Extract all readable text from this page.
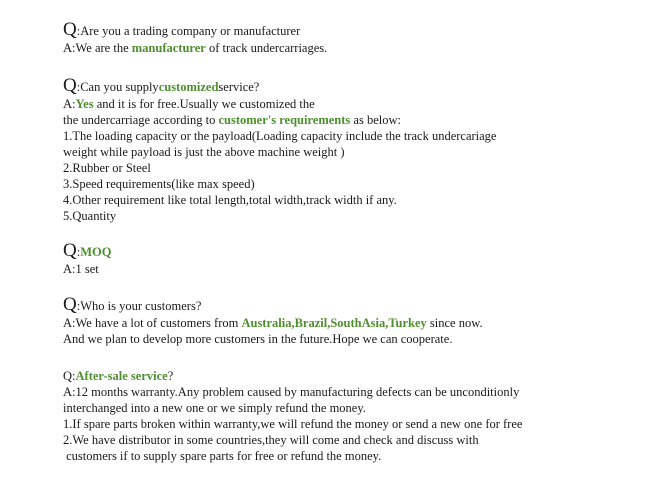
Q :Are you a trading company or manufacturer
A:We are the manufacturer of track undercarriages.
Q :Can you supply customized service?
A:Yes and it is for free.Usually we customized the
the undercarriage according to customer's requirements as below:
1.The loading capacity or the payload(Loading capacity include the track undercariage
weight while payload is just the above machine weight )
2.Rubber or Steel
3.Speed requirements(like max speed)
4.Other requirement like total length,total width,track width if any.
5.Quantity
Q : MOQ
A:1 set
Q :Who is your customers?
A:We have a lot of customers from Australia,Brazil,SouthAsia,Turkey since now.
And we plan to develop more customers in the future.Hope we can cooperate.
Q:After-sale service?
A:12 months warranty.Any problem caused by manufacturing defects can be unconditionly
interchanged into a new one or we simply refund the money.
1.If spare parts broken within warranty,we will refund the money or send a new one for free
2.We have distributor in some countries,they will come and check and discuss with
customers if to supply spare parts for free or refund the money.
